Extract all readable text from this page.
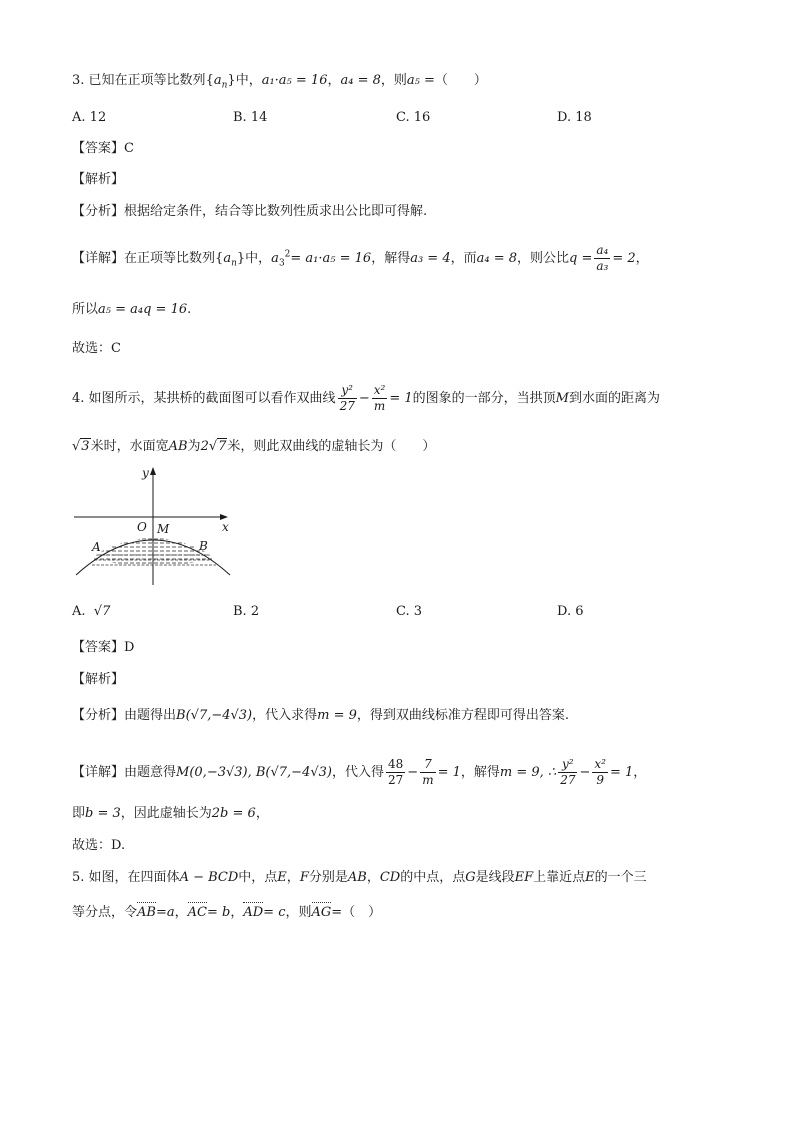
3. 已知在正项等比数列$\{a_n\}$中，a₁·a₅ = 16，a₄ = 8，则a₅ =（　　）
A. 12	B. 14	C. 16	D. 18
【答案】C
【解析】
【分析】根据给定条件，结合等比数列性质求出公比即可得解.
【详解】在正项等比数列$\{a_n\}$中，$a_3^2= a_1\cdot a_5 = 16$，解得a₃ = 4，而a₄ = 8，则公比$q = \frac{\text{a₄}}{\text{a₃}} = 2$，
所以a₅ = a₄q = 16.
故选：C
4. 如图所示，某拱桥的截面图可以看作双曲线 $\frac{\text{y²}}{27} - \frac{\text{x²}}{m} = 1$的图象的一部分，当拱顶M到水面的距离为
√3米时，水面宽AB为2√7米，则此双曲线的虚轴长为（　　）
y
x
O M
A	B
A. √7	B. 2	C. 3	D. 6
【答案】D
【解析】
【分析】由题得出B(√7,−4√3)，代入求得m = 9，得到双曲线标准方程即可得出答案.
【详解】由题意得M(0,−3√3), B(√7,−4√3)，代入得 $\frac{48}{27} - \frac{7}{m} = 1$，解得m = 9, ∴ $\frac{\text{y²}}{27} - \frac{\text{x²}}{9} = 1$，
即b = 3，因此虚轴长为2b = 6，
故选：D.
5. 如图，在四面体A − BCD中，点E，F分别是AB，CD的中点，点G是线段EF上靠近点E的一个三
等分点，令AB=a，AC= b，AD= c，则AG=（　）
